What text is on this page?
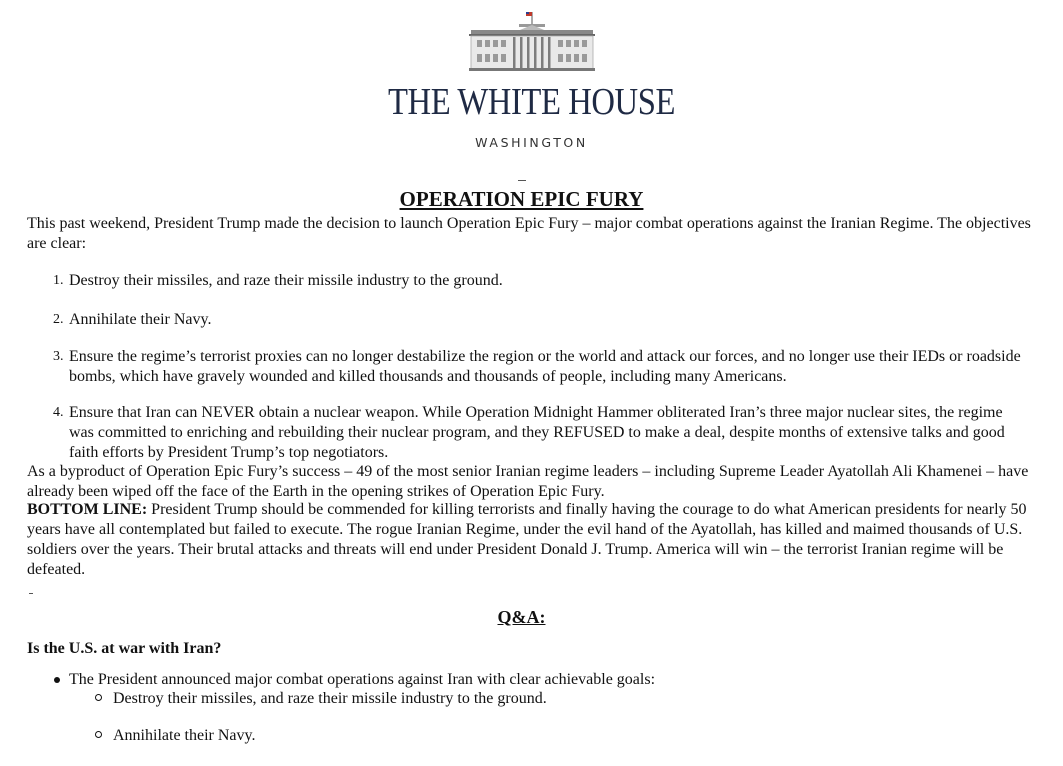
THE WHITE HOUSE
WASHINGTON
OPERATION EPIC FURY

This past weekend, President Trump made the decision to launch Operation Epic Fury – major combat operations against the Iranian Regime. The objectives are clear:

1. Destroy their missiles, and raze their missile industry to the ground.

2. Annihilate their Navy.

3. Ensure the regime’s terrorist proxies can no longer destabilize the region or the world and attack our forces, and no longer use their IEDs or roadside bombs, which have gravely wounded and killed thousands and thousands of people, including many Americans.

4. Ensure that Iran can NEVER obtain a nuclear weapon. While Operation Midnight Hammer obliterated Iran’s three major nuclear sites, the regime was committed to enriching and rebuilding their nuclear program, and they REFUSED to make a deal, despite months of extensive talks and good faith efforts by President Trump’s top negotiators.

As a byproduct of Operation Epic Fury’s success – 49 of the most senior Iranian regime leaders – including Supreme Leader Ayatollah Ali Khamenei – have already been wiped off the face of the Earth in the opening strikes of Operation Epic Fury.

BOTTOM LINE: President Trump should be commended for killing terrorists and finally having the courage to do what American presidents for nearly 50 years have all contemplated but failed to execute. The rogue Iranian Regime, under the evil hand of the Ayatollah, has killed and maimed thousands of U.S. soldiers over the years. Their brutal attacks and threats will end under President Donald J. Trump. America will win – the terrorist Iranian regime will be defeated.

Q&A:
Is the U.S. at war with Iran?

The President announced major combat operations against Iran with clear achievable goals:

Destroy their missiles, and raze their missile industry to the ground.

Annihilate their Navy.
